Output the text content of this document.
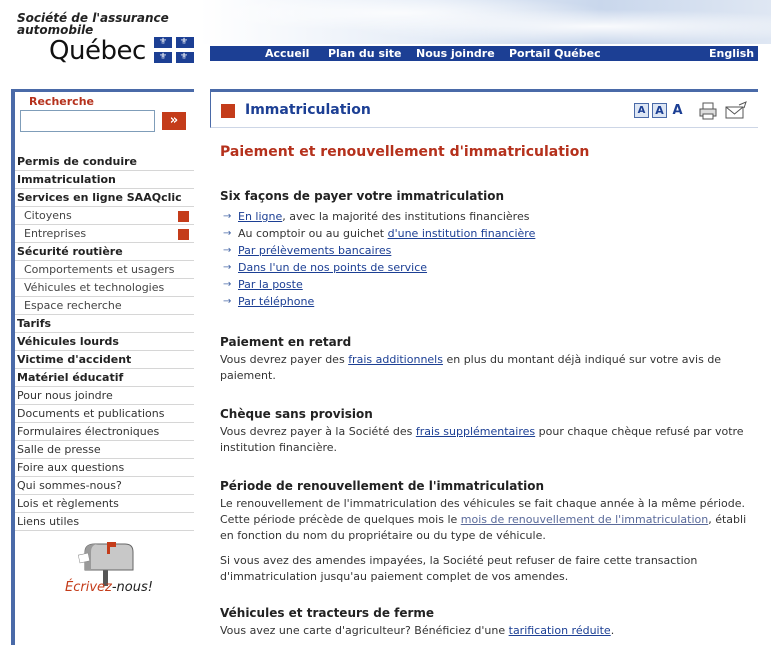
Société de l'assurance
automobile
Québec ⚜ ⚜
⚜ ⚜	Accueil Plan du site Nous joindre Portail Québec	English
Recherche
»
Permis de conduire
Immatriculation
Services en ligne SAAQclic
Citoyens
Entreprises
Sécurité routière
Comportements et usagers
Véhicules et technologies
Espace recherche
Tarifs
Véhicules lourds
Victime d'accident
Matériel éducatif
Pour nous joindre
Documents et publications
Formulaires électroniques
Salle de presse
Foire aux questions
Qui sommes-nous?
Lois et règlements
Liens utiles
Écrivez-nous!
Immatriculation	A A A
Paiement et renouvellement d'immatriculation
Six façons de payer votre immatriculation
→ En ligne, avec la majorité des institutions financières
→ Au comptoir ou au guichet d'une institution financière
→ Par prélèvements bancaires
→ Dans l'un de nos points de service
→ Par la poste
→ Par téléphone
Paiement en retard

Vous devrez payer des frais additionnels en plus du montant déjà indiqué sur votre avis de paiement.

Chèque sans provision

Vous devrez payer à la Société des frais supplémentaires pour chaque chèque refusé par votre institution financière.

Période de renouvellement de l'immatriculation

Le renouvellement de l'immatriculation des véhicules se fait chaque année à la même période. Cette période précède de quelques mois le mois de renouvellement de l'immatriculation, établi en fonction du nom du propriétaire ou du type de véhicule.

Si vous avez des amendes impayées, la Société peut refuser de faire cette transaction d'immatriculation jusqu'au paiement complet de vos amendes.

Véhicules et tracteurs de ferme

Vous avez une carte d'agriculteur? Bénéficiez d'une tarification réduite.
